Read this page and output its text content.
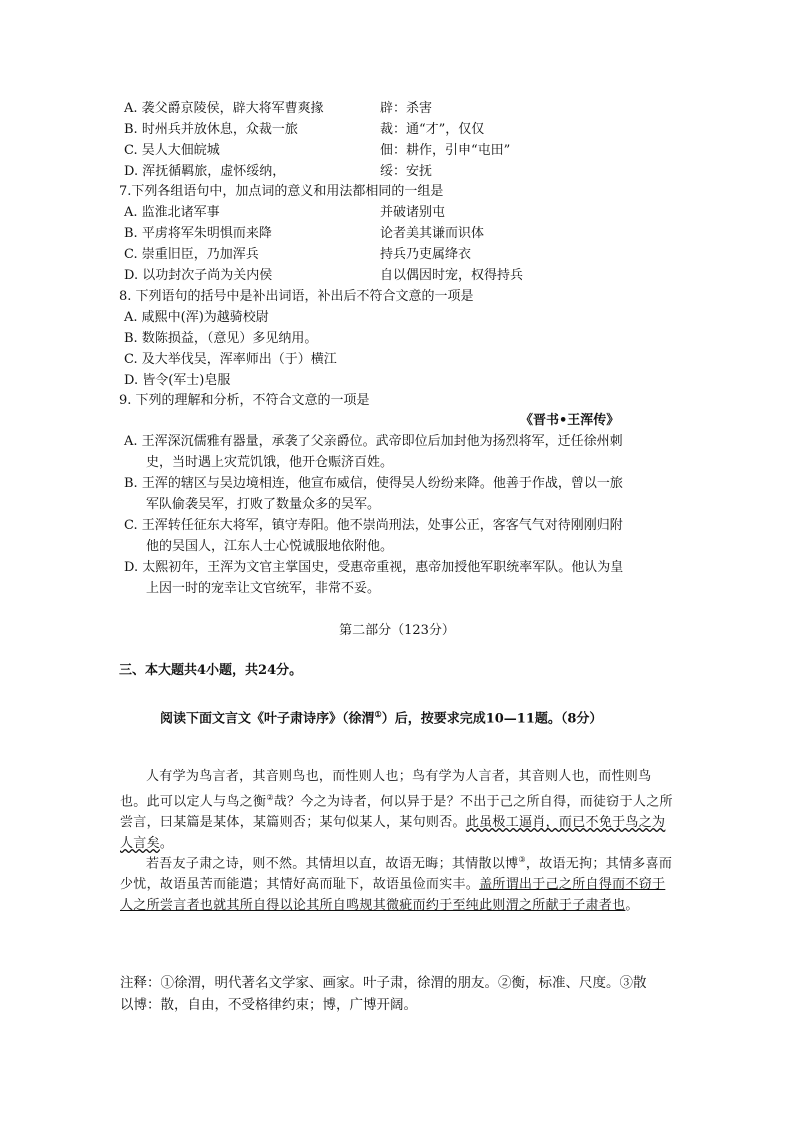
A. 袭父爵京陵侯，辟大将军曹爽掾	辟：杀害
B. 时州兵并放休息，众裁一旅	裁：通“才”，仅仅
C. 吴人大佃皖城	佃：耕作，引申“屯田”
D. 浑抚循羁旅，虚怀绥纳，	绥：安抚
7.下列各组语句中，加点词的意义和用法都相同的一组是
A. 监淮北诸军事	并破诸别屯
B. 平虏将军朱明惧而来降	论者美其谦而识体
C. 崇重旧臣，乃加浑兵	持兵乃吏属绛衣
D. 以功封次子尚为关内侯	自以偶因时宠，权得持兵
8. 下列语句的括号中是补出词语，补出后不符合文意的一项是
A. 咸熙中(浑)为越骑校尉
B. 数陈损益，（意见）多见纳用。
C. 及大举伐吴，浑率师出（于）横江
D. 皆令(军士)皂服
9. 下列的理解和分析，不符合文意的一项是
《晋书•王浑传》
A. 王浑深沉儒雅有器量，承袭了父亲爵位。武帝即位后加封他为扬烈将军，迁任徐州刺
史，当时遇上灾荒饥饿，他开仓赈济百姓。
B. 王浑的辖区与吴边境相连，他宣布威信，使得吴人纷纷来降。他善于作战，曾以一旅
军队偷袭吴军，打败了数量众多的吴军。
C. 王浑转任征东大将军，镇守寿阳。他不崇尚刑法，处事公正，客客气气对待刚刚归附
他的吴国人，江东人士心悦诚服地依附他。
D. 太熙初年，王浑为文官主掌国史，受惠帝重视，惠帝加授他军职统率军队。他认为皇
上因一时的宠幸让文官统军，非常不妥。
第二部分（123分）
三、本大题共4小题，共24分。
阅读下面文言文《叶子肃诗序》（徐渭①）后，按要求完成10—11题。（8分）
人有学为鸟言者，其音则鸟也，而性则人也；鸟有学为人言者，其音则人也，而性则鸟也。此可以定人与鸟之衡②哉？今之为诗者，何以异于是？不出于己之所自得，而徒窃于人之所尝言，曰某篇是某体，某篇则否；某句似某人，某句则否。此虽极工逼肖，而已不免于鸟之为人言矣。
若吾友子肃之诗，则不然。其情坦以直，故语无晦；其情散以博③，故语无拘；其情多喜而少忧，故语虽苦而能遣；其情好高而耻下，故语虽俭而实丰。盖所谓出于己之所自得而不窃于人之所尝言者也就其所自得以论其所自鸣规其微疵而约于至纯此则渭之所献于子肃者也。
注释：①徐渭，明代著名文学家、画家。叶子肃，徐渭的朋友。②衡，标准、尺度。③散
以博：散，自由，不受格律约束；博，广博开阔。
